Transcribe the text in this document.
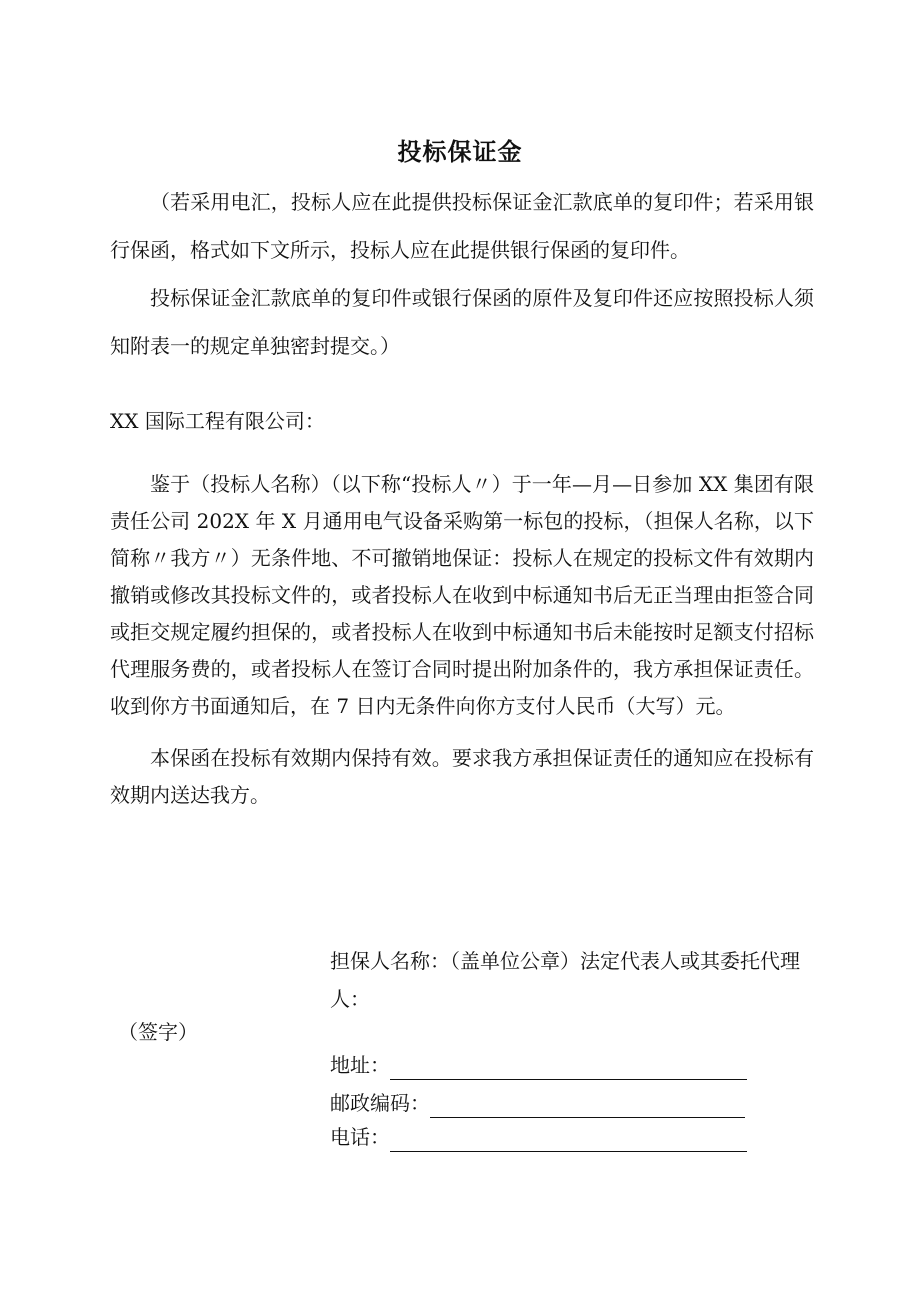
投标保证金

（若采用电汇，投标人应在此提供投标保证金汇款底单的复印件；若采用银行保函，格式如下文所示，投标人应在此提供银行保函的复印件。

投标保证金汇款底单的复印件或银行保函的原件及复印件还应按照投标人须知附表一的规定单独密封提交。）

XX 国际工程有限公司：

鉴于（投标人名称）（以下称“投标人〃）于一年—月—日参加 XX 集团有限责任公司 202X 年 X 月通用电气设备采购第一标包的投标，（担保人名称，以下简称〃我方〃）无条件地、不可撤销地保证：投标人在规定的投标文件有效期内撤销或修改其投标文件的，或者投标人在收到中标通知书后无正当理由拒签合同或拒交规定履约担保的，或者投标人在收到中标通知书后未能按时足额支付招标代理服务费的，或者投标人在签订合同时提出附加条件的，我方承担保证责任。收到你方书面通知后，在 7 日内无条件向你方支付人民币（大写）元。

本保函在投标有效期内保持有效。要求我方承担保证责任的通知应在投标有效期内送达我方。

担保人名称：（盖单位公章）法定代表人或其委托代理人：
（签字）
地址：
邮政编码：
电话：
